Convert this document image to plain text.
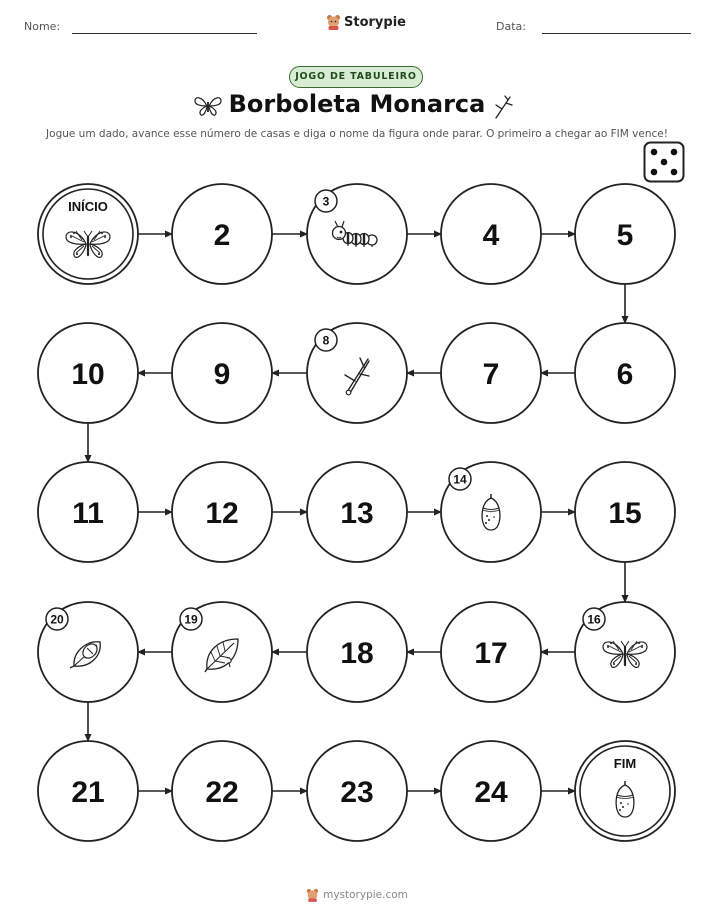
Nome:	Storypie	Data:
JOGO DE TABULEIRO
Borboleta Monarca
Jogue um dado, avance esse número de casas e diga o nome da figura onde parar. O primeiro a chegar ao FIM vence!
INÍCIO
2
3
4	5
6
7
8
9
10
11	12	13
14
15
16
17
18
19
20
21	22	23	24
FIM
mystorypie.com
